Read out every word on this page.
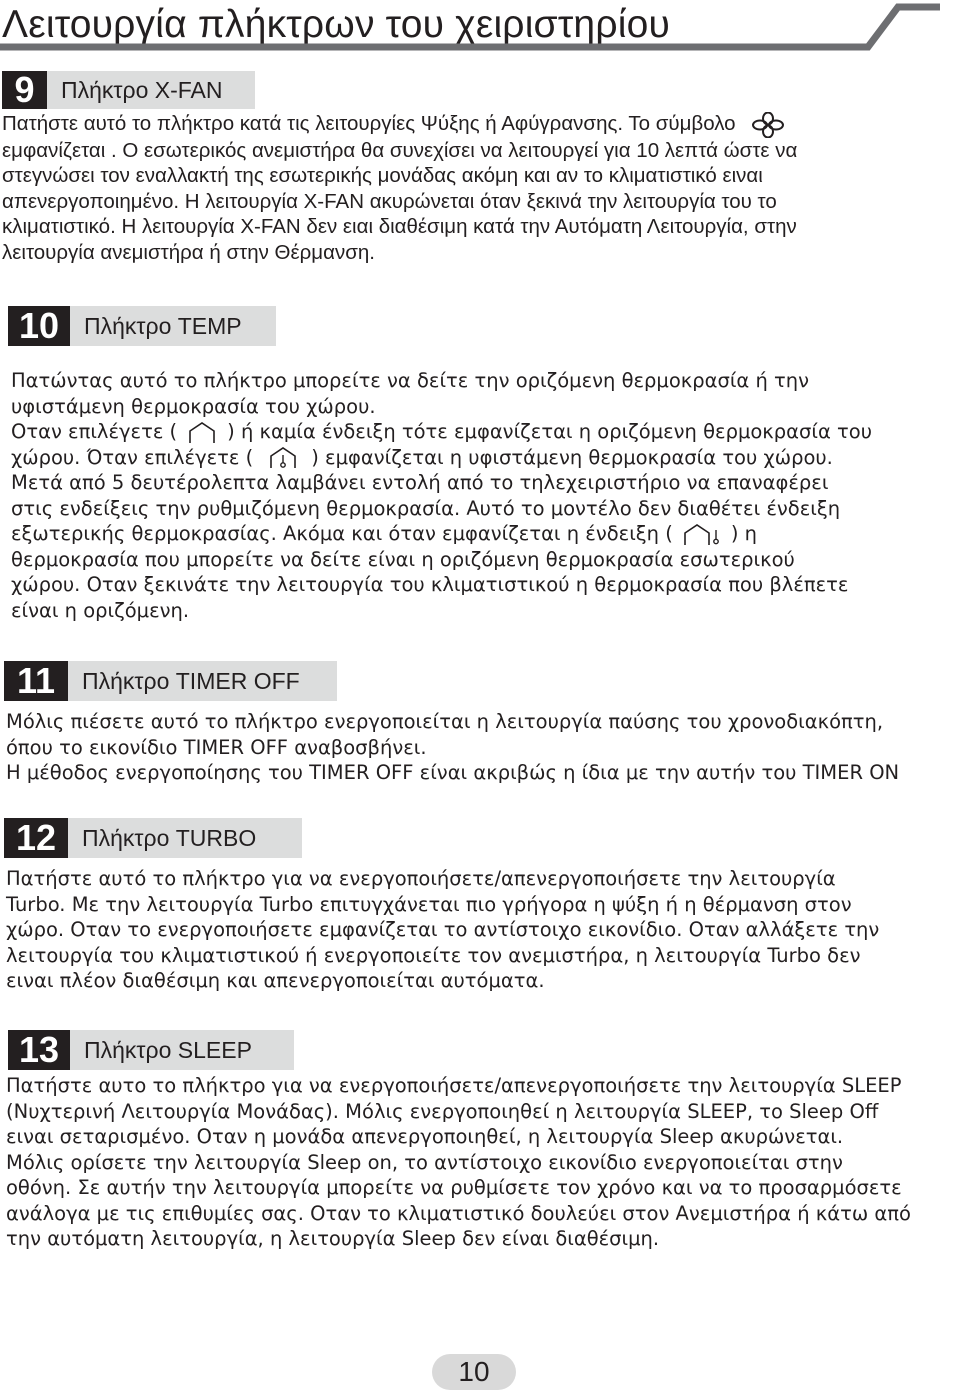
Λειτουργία πλήκτρων του χειριστηρίου
9	Πλήκτρο X-FAN
Πατήστε αυτό το πλήκτρο κατά τις λειτουργίες Ψύξης ή Αφύγρανσης. Το σύμβολο
εμφανίζεται . Ο εσωτερικός ανεμιστήρα θα συνεχίσει να λειτουργεί για 10 λεπτά ώστε να
στεγνώσει τον εναλλακτή της εσωτερικής μονάδας ακόμη και αν το κλιματιστικό ειναι
απενεργοποιημένο. Η λειτουργία X-FAN ακυρώνεται όταν ξεκινά την λειτουργία του το
κλιματιστικό. Η λειτουργία X-FAN δεν ειαι διαθέσιμη κατά την Αυτόματη Λειτουργία, στην
λειτουργία ανεμιστήρα ή στην Θέρμανση.
10	Πλήκτρο TEMP
Πατώντας αυτό το πλήκτρο μπορείτε να δείτε την οριζόμενη θερμοκρασία ή την
υφιστάμενη θερμοκρασία του χώρου.
Οταν επιλέγετε (	) ή καμία ένδειξη τότε εμφανίζεται η οριζόμενη θερμοκρασία του
χώρου. Όταν επιλέγετε (	) εμφανίζεται η υφιστάμενη θερμοκρασία του χώρου.
Μετά από 5 δευτέρολεπτα λαμβάνει εντολή από το τηλεχειριστήριο να επαναφέρει
στις ενδείξεις την ρυθμιζόμενη θερμοκρασία. Αυτό το μοντέλο δεν διαθέτει ένδειξη
εξωτερικής θερμοκρασίας. Ακόμα και όταν εμφανίζεται η ένδειξη (	) η
θερμοκρασία που μπορείτε να δείτε είναι η οριζόμενη θερμοκρασία εσωτερικού
χώρου. Οταν ξεκινάτε την λειτουργία του κλιματιστικού η θερμοκρασία που βλέπετε
είναι η οριζόμενη.
11	Πλήκτρο TIMER OFF
Μόλις πιέσετε αυτό το πλήκτρο ενεργοποιείται η λειτουργία παύσης του χρονοδιακόπτη,
όπου το εικονίδιο TIMER OFF αναβοσβήνει.
Η μέθοδος ενεργοποίησης του TIMER OFF είναι ακριβώς η ίδια με την αυτήν του TIMER ON
12	Πλήκτρο TURBO
Πατήστε αυτό το πλήκτρο για να ενεργοποιήσετε/απενεργοποιήσετε την λειτουργία
Turbo. Με την λειτουργία Turbo επιτυγχάνεται πιο γρήγορα η ψύξη ή η θέρμανση στον
χώρο. Οταν το ενεργοποιήσετε εμφανίζεται το αντίστοιχο εικονίδιο. Οταν αλλάξετε την
λειτουργία του κλιματιστικού ή ενεργοποιείτε τον ανεμιστήρα, η λειτουργία Turbo δεν
ειναι πλέον διαθέσιμη και απενεργοποιείται αυτόματα.
13	Πλήκτρο SLEEP
Πατήστε αυτο το πλήκτρο για να ενεργοποιήσετε/απενεργοποιήσετε την λειτουργία SLEEP
(Νυχτερινή Λειτουργία Μονάδας). Μόλις ενεργοποιηθεί η λειτουργία SLEEP, το Sleep Off
ειναι σεταρισμένο. Οταν η μονάδα απενεργοποιηθεί, η λειτουργία Sleep ακυρώνεται.
Μόλις ορίσετε την λειτουργία Sleep on, το αντίστοιχο εικονίδιο ενεργοποιείται στην
οθόνη. Σε αυτήν την λειτουργία μπορείτε να ρυθμίσετε τον χρόνο και να το προσαρμόσετε
ανάλογα με τις επιθυμίες σας. Οταν το κλιματιστικό δουλεύει στον Ανεμιστήρα ή κάτω από
την αυτόματη λειτουργία, η λειτουργία Sleep δεν είναι διαθέσιμη.
10
